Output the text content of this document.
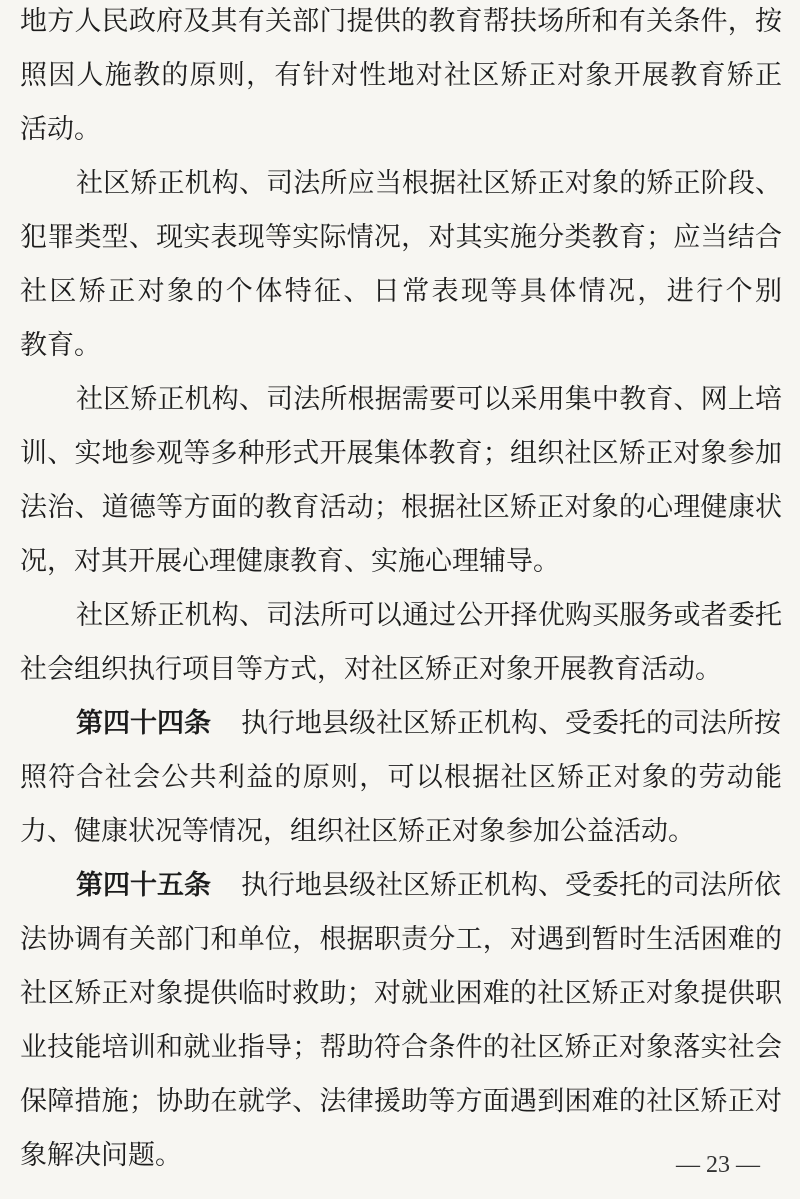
地方人民政府及其有关部门提供的教育帮扶场所和有关条件，按
照因人施教的原则，有针对性地对社区矫正对象开展教育矫正
活动。
社区矫正机构、司法所应当根据社区矫正对象的矫正阶段、
犯罪类型、现实表现等实际情况，对其实施分类教育；应当结合
社区矫正对象的个体特征、日常表现等具体情况，进行个别
教育。
社区矫正机构、司法所根据需要可以采用集中教育、网上培
训、实地参观等多种形式开展集体教育；组织社区矫正对象参加
法治、道德等方面的教育活动；根据社区矫正对象的心理健康状
况，对其开展心理健康教育、实施心理辅导。
社区矫正机构、司法所可以通过公开择优购买服务或者委托
社会组织执行项目等方式，对社区矫正对象开展教育活动。
第四十四条 执行地县级社区矫正机构、受委托的司法所按
照符合社会公共利益的原则，可以根据社区矫正对象的劳动能
力、健康状况等情况，组织社区矫正对象参加公益活动。
第四十五条 执行地县级社区矫正机构、受委托的司法所依
法协调有关部门和单位，根据职责分工，对遇到暂时生活困难的
社区矫正对象提供临时救助；对就业困难的社区矫正对象提供职
业技能培训和就业指导；帮助符合条件的社区矫正对象落实社会
保障措施；协助在就学、法律援助等方面遇到困难的社区矫正对
象解决问题。	— 23 —
